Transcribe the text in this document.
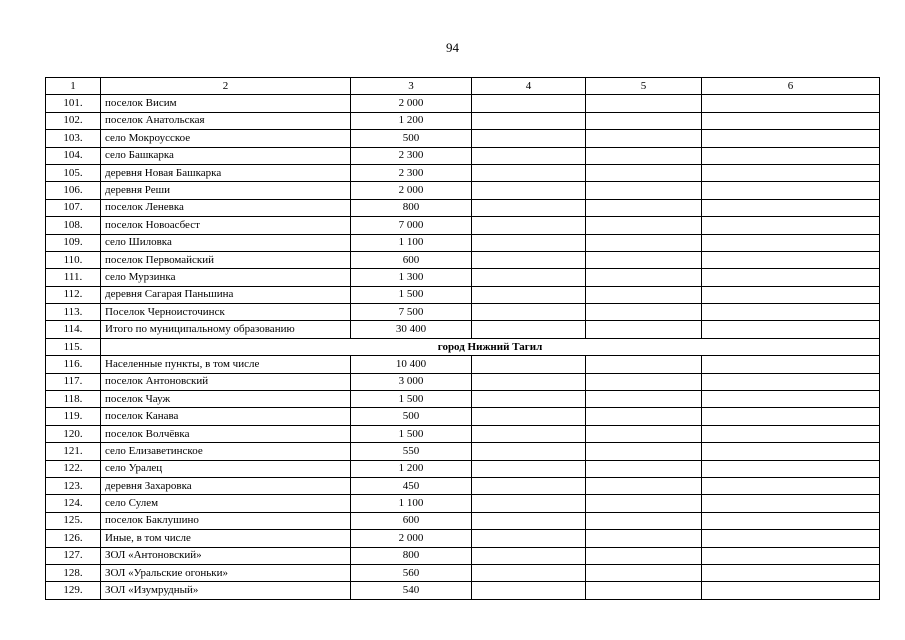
94
1	2	3	4	5	6
101.	поселок Висим	2 000			
102.	поселок Анатольская	1 200			
103.	село Мокроусское	500			
104.	село Башкарка	2 300			
105.	деревня Новая Башкарка	2 300			
106.	деревня Реши	2 000			
107.	поселок Леневка	800			
108.	поселок Новоасбест	7 000			
109.	село Шиловка	1 100			
110.	поселок Первомайский	600			
111.	село Мурзинка	1 300			
112.	деревня Сагарая Паньшина	1 500			
113.	Поселок Черноисточинск	7 500			
114.	Итого по муниципальному образованию	30 400			
115.	город Нижний Тагил				
116.	Населенные пункты, в том числе	10 400			
117.	поселок Антоновский	3 000			
118.	поселок Чауж	1 500			
119.	поселок Канава	500			
120.	поселок Волчёвка	1 500			
121.	село Елизаветинское	550			
122.	село Уралец	1 200			
123.	деревня Захаровка	450			
124.	село Сулем	1 100			
125.	поселок Баклушино	600			
126.	Иные, в том числе	2 000			
127.	ЗОЛ «Антоновский»	800			
128.	ЗОЛ «Уральские огоньки»	560			
129.	ЗОЛ «Изумрудный»	540			
